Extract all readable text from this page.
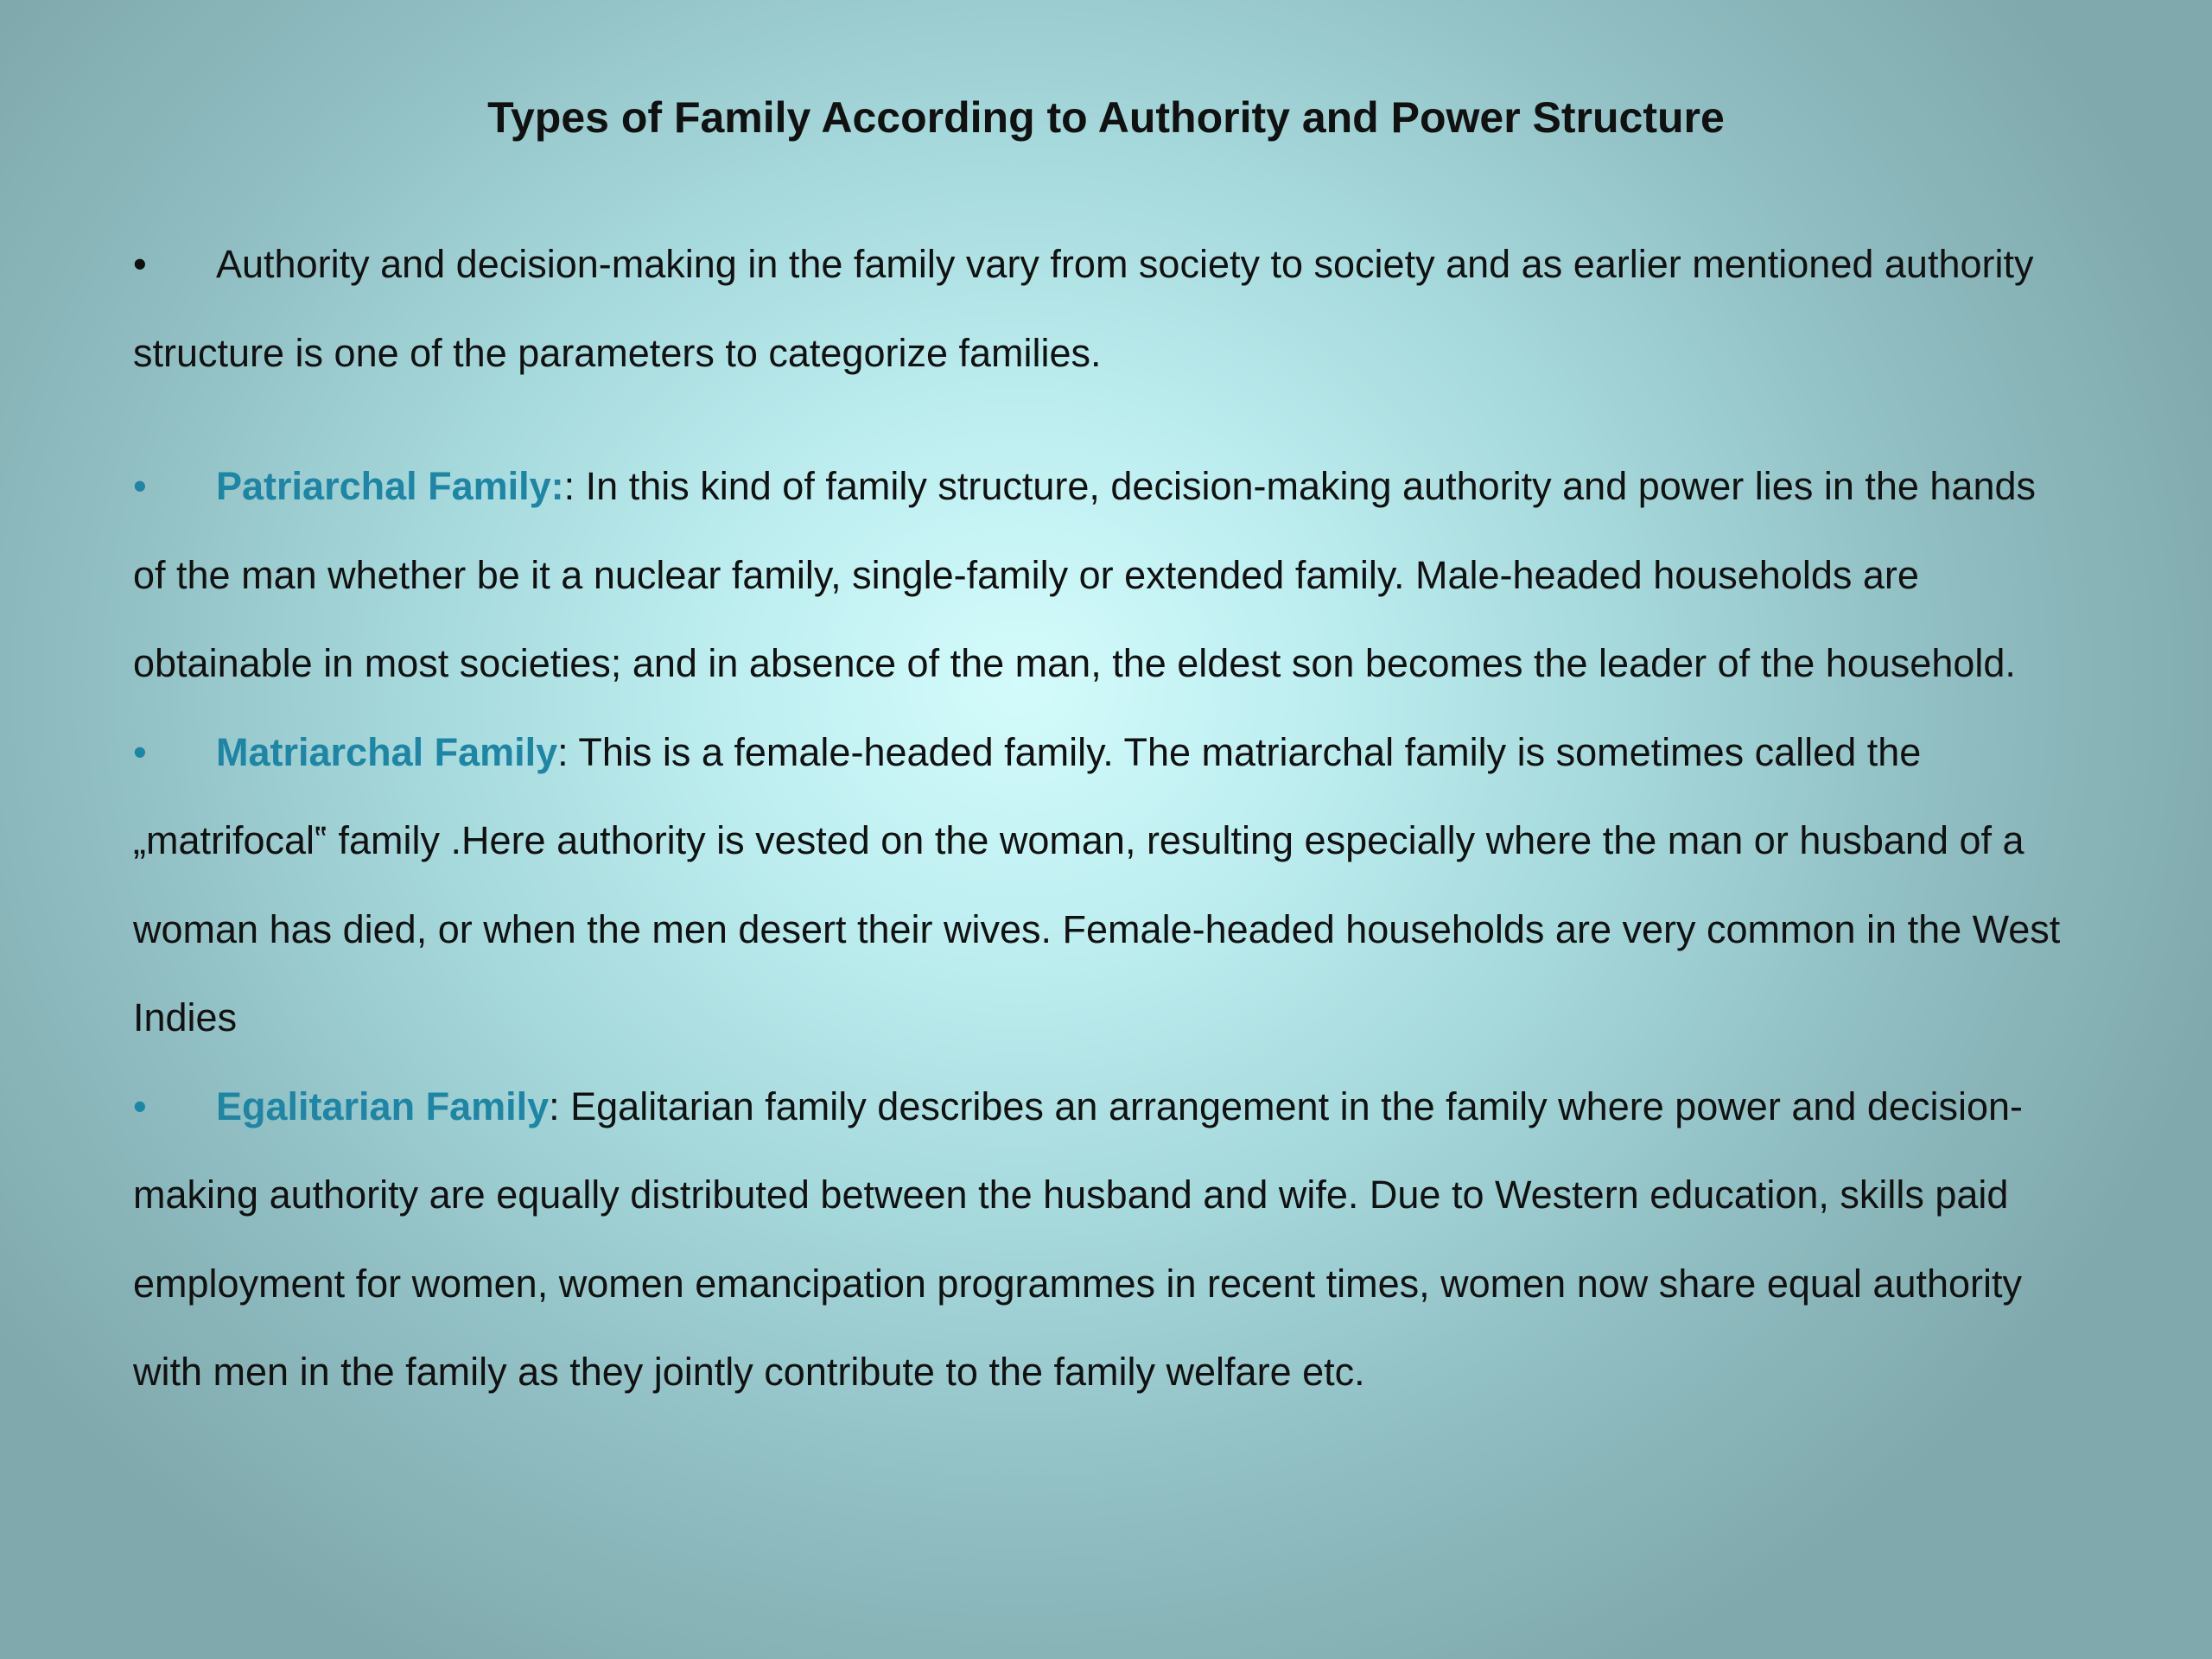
Types of Family According to Authority and Power Structure

•	Authority and decision-making in the family vary from society to society and as earlier mentioned authority structure is one of the parameters to categorize families.

•	Patriarchal Family:: In this kind of family structure, decision-making authority and power lies in the hands of the man whether be it a nuclear family, single-family or extended family. Male-headed households are obtainable in most societies; and in absence of the man, the eldest son becomes the leader of the household.

•	Matriarchal Family: This is a female-headed family. The matriarchal family is sometimes called the „matrifocal‟ family .Here authority is vested on the woman, resulting especially where the man or husband of a woman has died, or when the men desert their wives. Female-headed households are very common in the West Indies

•	Egalitarian Family: Egalitarian family describes an arrangement in the family where power and decision-making authority are equally distributed between the husband and wife. Due to Western education, skills paid employment for women, women emancipation programmes in recent times, women now share equal authority with men in the family as they jointly contribute to the family welfare etc.
